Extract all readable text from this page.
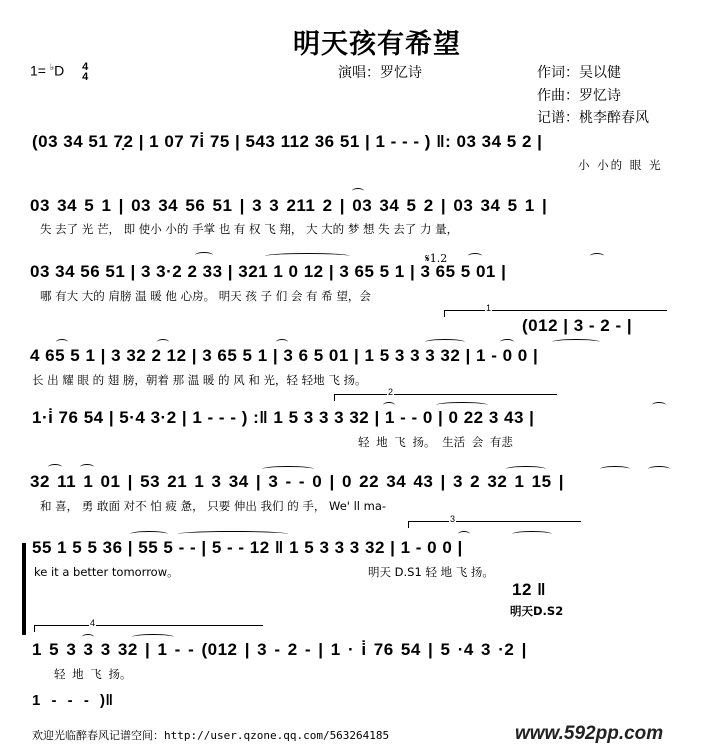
明天孩有希望
1= ♭D 4
4	演唱：罗忆诗	作词：吴以健
作曲：罗忆诗
记谱：桃李醉春风
(03 34 51 7̣2 | 1 07 7i̇ 75 | 543 112 36 51 | 1 - - - ) ‖: 03 34 5 2 |
小 小的 眼 光
03 34 5 1 | 03 34 56 51 | 3 3 211 2 | 03 34 5 2 | 03 34 5 1 |
失 去了 光 芒， 即 使小 小的 手掌 也 有 权 飞 翔， 大 大的 梦 想 失 去了 力 量，
𝄋1.2
03 34 56 51 | 3 3·2 2 33 | 321 1 0 12 | 3 65 5 1 | 3 65 5 01 |
哪 有大 大的 肩膀 温 暖 他 心房。 明天 孩 子 们 会 有 希 望，会
1
(012 | 3 - 2 - |
4 65 5 1 | 3 32 2 12 | 3 65 5 1 | 3 6 5 01 | 1 5 3 3 3 32 | 1 - 0 0 |
长 出 耀 眼 的 翅 膀，朝着 那 温 暖 的 风 和 光，轻 轻地 飞 扬。
2
1·i̇ 76 54 | 5·4 3·2 | 1 - - - ) :‖ 1 5 3 3 3 32 | 1 - - 0 | 0 22 3 43 |
轻 地 飞 扬。 生活 会 有悲
32 11 1 01 | 53 21 1 3 34 | 3 - - 0 | 0 22 34 43 | 3 2 32 1 15 |
和 喜， 勇 敢面 对不 怕 疲 惫， 只要 伸出 我们 的 手， We' ll ma-
3
55 1 5 5 36 | 55 5 - - | 5 - - 12 ‖ 1 5 3 3 3 32 | 1 - 0 0 |
ke it a better tomorrow。	明天 D.S1 轻 地 飞 扬。
12 ‖
明天D.S2
4
1 5 3 3 3 32 | 1 - - (012 | 3 - 2 - | 1 · i̇ 76 54 | 5 ·4 3 ·2 |
轻 地 飞 扬。
1 - - - )‖
欢迎光临醉春风记谱空间：http://user.qzone.qq.com/563264185	www.592pp.com
